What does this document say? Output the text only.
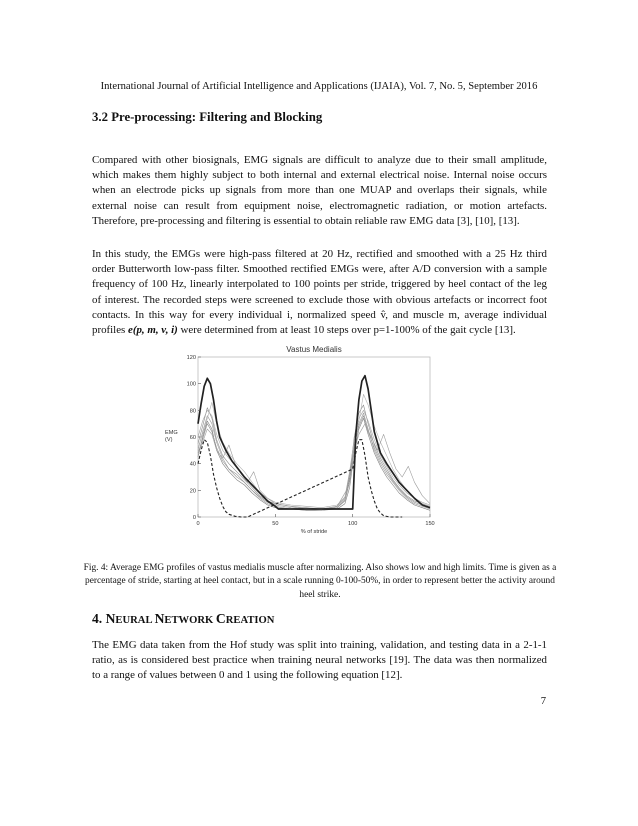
International Journal of Artificial Intelligence and Applications (IJAIA), Vol. 7, No. 5, September 2016
3.2 Pre-processing: Filtering and Blocking

Compared with other biosignals, EMG signals are difficult to analyze due to their small amplitude, which makes them highly subject to both internal and external electrical noise. Internal noise occurs when an electrode picks up signals from more than one MUAP and overlaps their signals, while external noise can result from equipment noise, electromagnetic radiation, or motion artefacts. Therefore, pre-processing and filtering is essential to obtain reliable raw EMG data [3], [10], [13].

In this study, the EMGs were high-pass filtered at 20 Hz, rectified and smoothed with a 25 Hz third order Butterworth low-pass filter. Smoothed rectified EMGs were, after A/D conversion with a sample frequency of 100 Hz, linearly interpolated to 100 points per stride, triggered by heel contact of the leg of interest. The recorded steps were screened to exclude those with obvious artefacts or incorrect foot contacts. In this way for every individual i, normalized speed v̂, and muscle m, average individual profiles e(p, m, v, i) were determined from at least 10 steps over p=1-100% of the gait cycle [13].

0
20
40
60
80
100
120
0	50	100	150
Vastus Medialis
% of stride
EMG
(V)
Fig. 4: Average EMG profiles of vastus medialis muscle after normalizing. Also shows low and high limits. Time is given as a percentage of stride, starting at heel contact, but in a scale running 0-100-50%, in order to represent better the activity around heel strike.
4. NEURAL NETWORK CREATION

The EMG data taken from the Hof study was split into training, validation, and testing data in a 2-1-1 ratio, as is considered best practice when training neural networks [19]. The data was then normalized to a range of values between 0 and 1 using the following equation [12].

7
